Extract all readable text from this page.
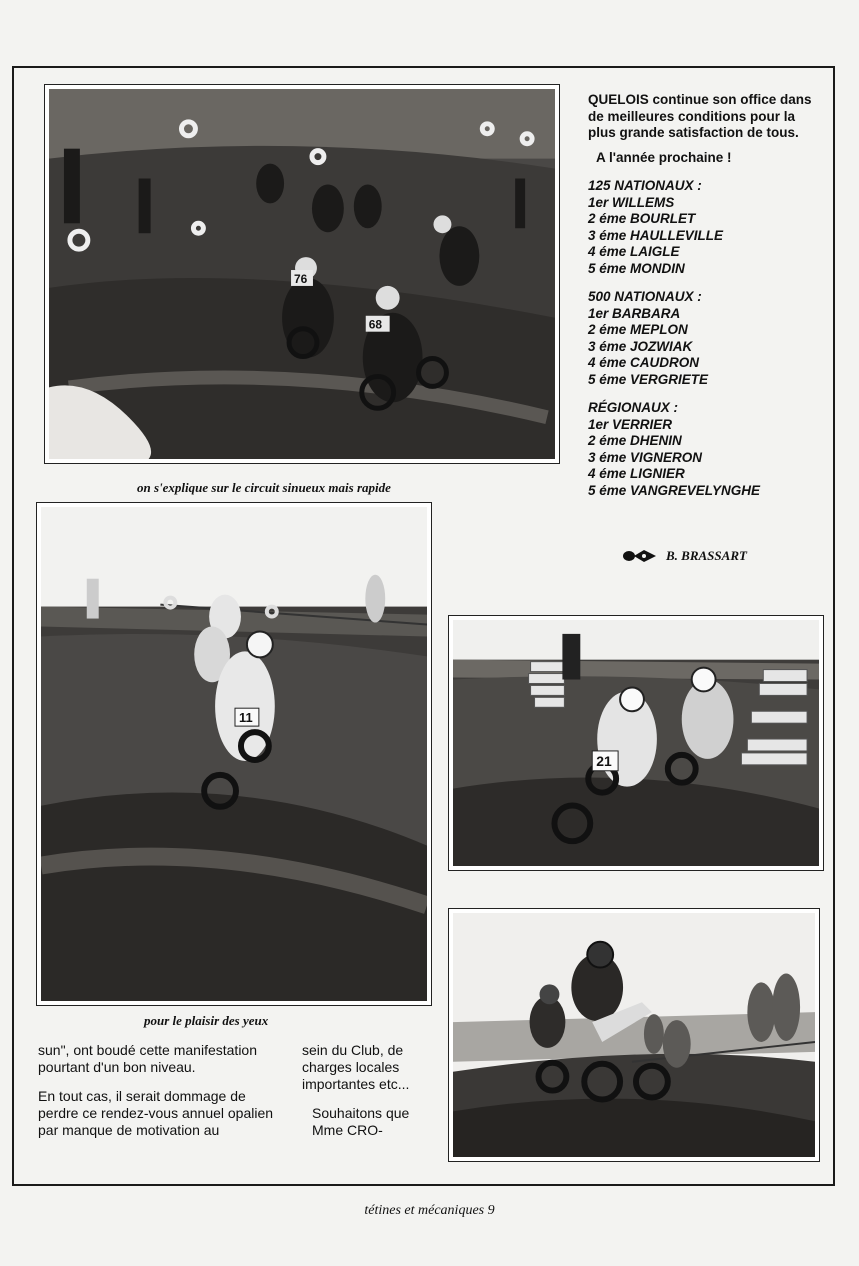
76
68
on s'explique sur le circuit sinueux mais rapide

QUELOIS continue son office dans de meilleures conditions pour la plus grande satisfaction de tous.

A l'année prochaine !

125 NATIONAUX :

1er WILLEMS

2 éme BOURLET

3 éme HAULLEVILLE

4 éme LAIGLE

5 éme MONDIN

500 NATIONAUX :

1er BARBARA

2 éme MEPLON

3 éme JOZWIAK

4 éme CAUDRON

5 éme VERGRIETE

RÉGIONAUX :

1er VERRIER

2 éme DHENIN

3 éme VIGNERON

4 éme LIGNIER

5 éme VANGREVELYNGHE

B. BRASSART
11
pour le plaisir des yeux
21

sun", ont boudé cette manifestation pourtant d'un bon niveau.

En tout cas, il serait dommage de perdre ce rendez-vous annuel opalien par manque de motivation au

sein du Club, de charges locales importantes etc...

Souhaitons que Mme CRO-

tétines et mécaniques 9
